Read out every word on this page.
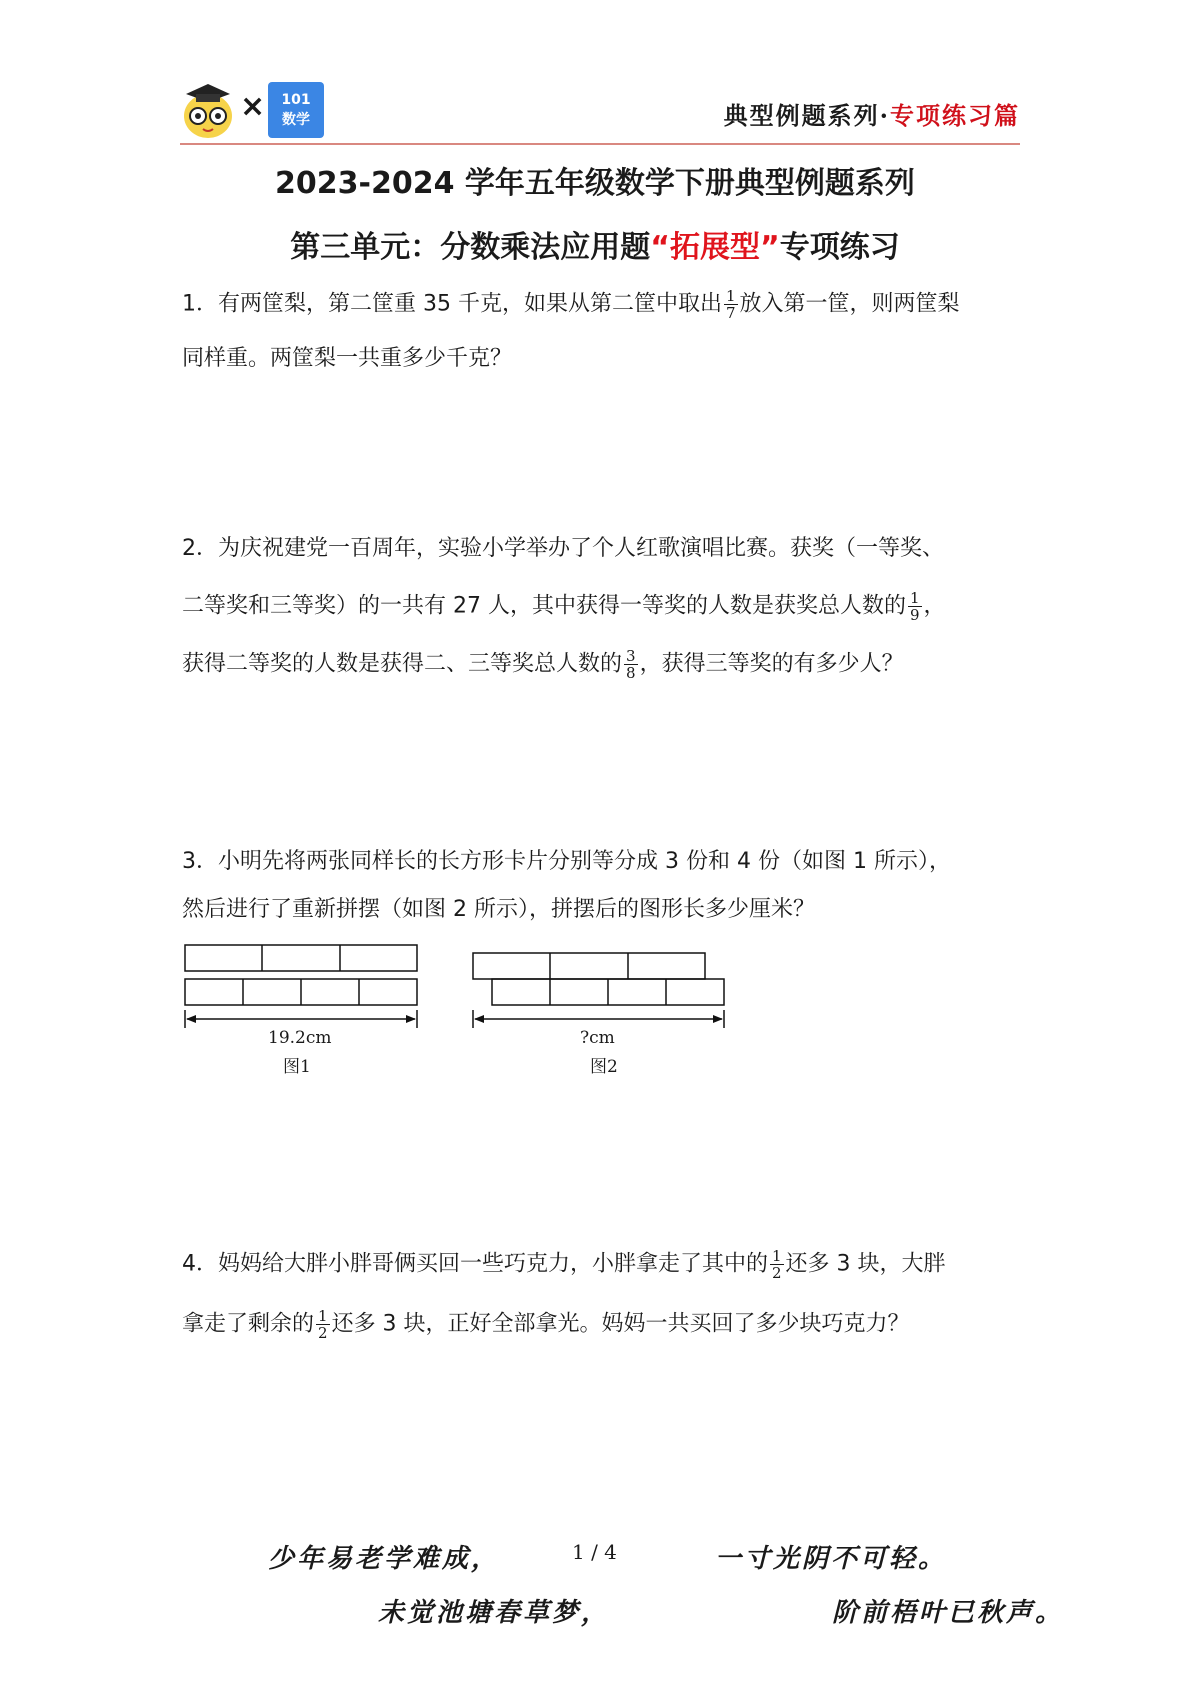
×	101
数学	典型例题系列·专项练习篇
2023-2024 学年五年级数学下册典型例题系列
第三单元：分数乘法应用题“拓展型”专项练习
1．有两筐梨，第二筐重 35 千克，如果从第二筐中取出 $\frac{1}{7}$ 放入第一筐，则两筐梨
同样重。两筐梨一共重多少千克？
2．为庆祝建党一百周年，实验小学举办了个人红歌演唱比赛。获奖（一等奖、
二等奖和三等奖）的一共有 27 人，其中获得一等奖的人数是获奖总人数的 $\frac{1}{9}$ ，
获得二等奖的人数是获得二、三等奖总人数的 $\frac{3}{8}$ ，获得三等奖的有多少人？
3．小明先将两张同样长的长方形卡片分别等分成 3 份和 4 份（如图 1 所示），
然后进行了重新拼摆（如图 2 所示），拼摆后的图形长多少厘米？
19.2cm
图1
?cm
图2
4．妈妈给大胖小胖哥俩买回一些巧克力，小胖拿走了其中的 $\frac{1}{2}$ 还多 3 块，大胖
拿走了剩余的 $\frac{1}{2}$ 还多 3 块，正好全部拿光。妈妈一共买回了多少块巧克力？
少年易老学难成，	1 / 4	一寸光阴不可轻。
未觉池塘春草梦，	阶前梧叶已秋声。
